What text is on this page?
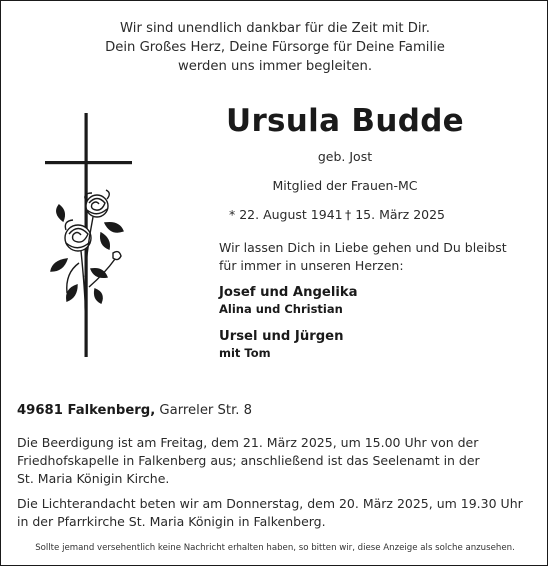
Wir sind unendlich dankbar für die Zeit mit Dir.
Dein Großes Herz, Deine Fürsorge für Deine Familie
werden uns immer begleiten.
Ursula Budde
geb. Jost
Mitglied der Frauen-MC
* 22. August 1941 † 15. März 2025
Wir lassen Dich in Liebe gehen und Du bleibst
für immer in unseren Herzen:
Josef und Angelika
Alina und Christian
Ursel und Jürgen
mit Tom
49681 Falkenberg, Garreler Str. 8
Die Beerdigung ist am Freitag, dem 21. März 2025, um 15.00 Uhr von der
Friedhofskapelle in Falkenberg aus; anschließend ist das Seelenamt in der
St. Maria Königin Kirche.
Die Lichterandacht beten wir am Donnerstag, dem 20. März 2025, um 19.30 Uhr
in der Pfarrkirche St. Maria Königin in Falkenberg.
Sollte jemand versehentlich keine Nachricht erhalten haben, so bitten wir, diese Anzeige als solche anzusehen.
